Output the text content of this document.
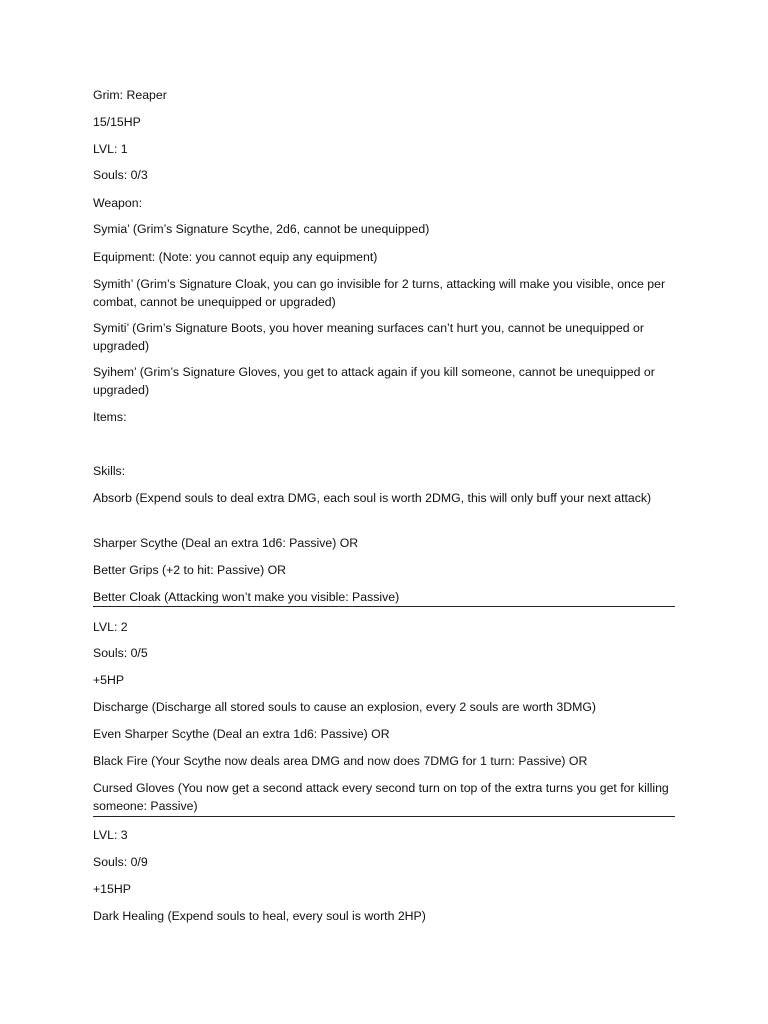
Grim: Reaper

15/15HP

LVL: 1

Souls: 0/3

Weapon:

Symia’ (Grim’s Signature Scythe, 2d6, cannot be unequipped)

Equipment: (Note: you cannot equip any equipment)

Symith’ (Grim’s Signature Cloak, you can go invisible for 2 turns, attacking will make you visible, once per combat, cannot be unequipped or upgraded)

Symiti’ (Grim’s Signature Boots, you hover meaning surfaces can’t hurt you, cannot be unequipped or upgraded)

Syihem’ (Grim’s Signature Gloves, you get to attack again if you kill someone, cannot be unequipped or upgraded)

Items:

Skills:

Absorb (Expend souls to deal extra DMG, each soul is worth 2DMG, this will only buff your next attack)

Sharper Scythe (Deal an extra 1d6: Passive) OR

Better Grips (+2 to hit: Passive) OR

Better Cloak (Attacking won’t make you visible: Passive)

LVL: 2

Souls: 0/5

+5HP

Discharge (Discharge all stored souls to cause an explosion, every 2 souls are worth 3DMG)

Even Sharper Scythe (Deal an extra 1d6: Passive) OR

Black Fire (Your Scythe now deals area DMG and now does 7DMG for 1 turn: Passive) OR

Cursed Gloves (You now get a second attack every second turn on top of the extra turns you get for killing someone: Passive)

LVL: 3

Souls: 0/9

+15HP

Dark Healing (Expend souls to heal, every soul is worth 2HP)
